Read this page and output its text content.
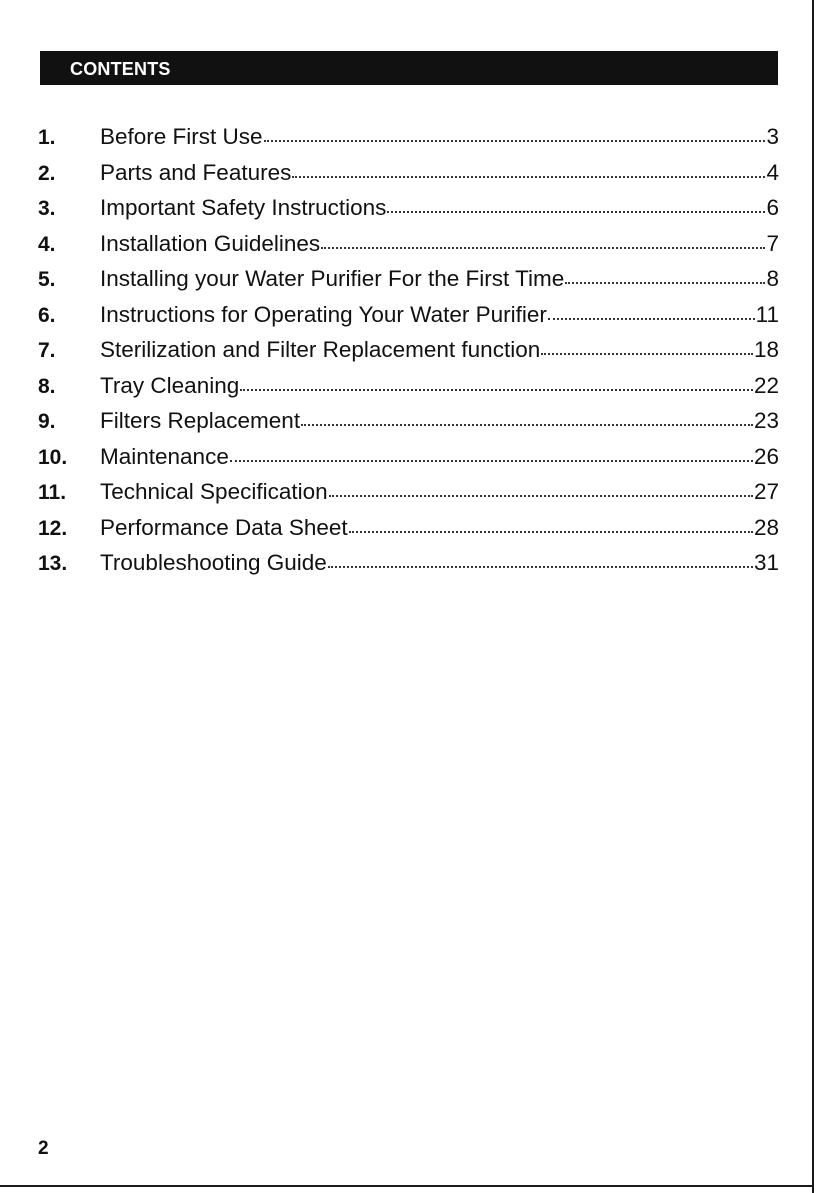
CONTENTS
1.	Before First Use	3
2.	Parts and Features	4
3.	Important Safety Instructions	6
4.	Installation Guidelines	7
5.	Installing your Water Purifier For the First Time	8
6.	Instructions for Operating Your Water Purifier	11
7.	Sterilization and Filter Replacement function	18
8.	Tray Cleaning	22
9.	Filters Replacement	23
10.	Maintenance	26
11.	Technical Specification	27
12.	Performance Data Sheet	28
13.	Troubleshooting Guide	31
2
